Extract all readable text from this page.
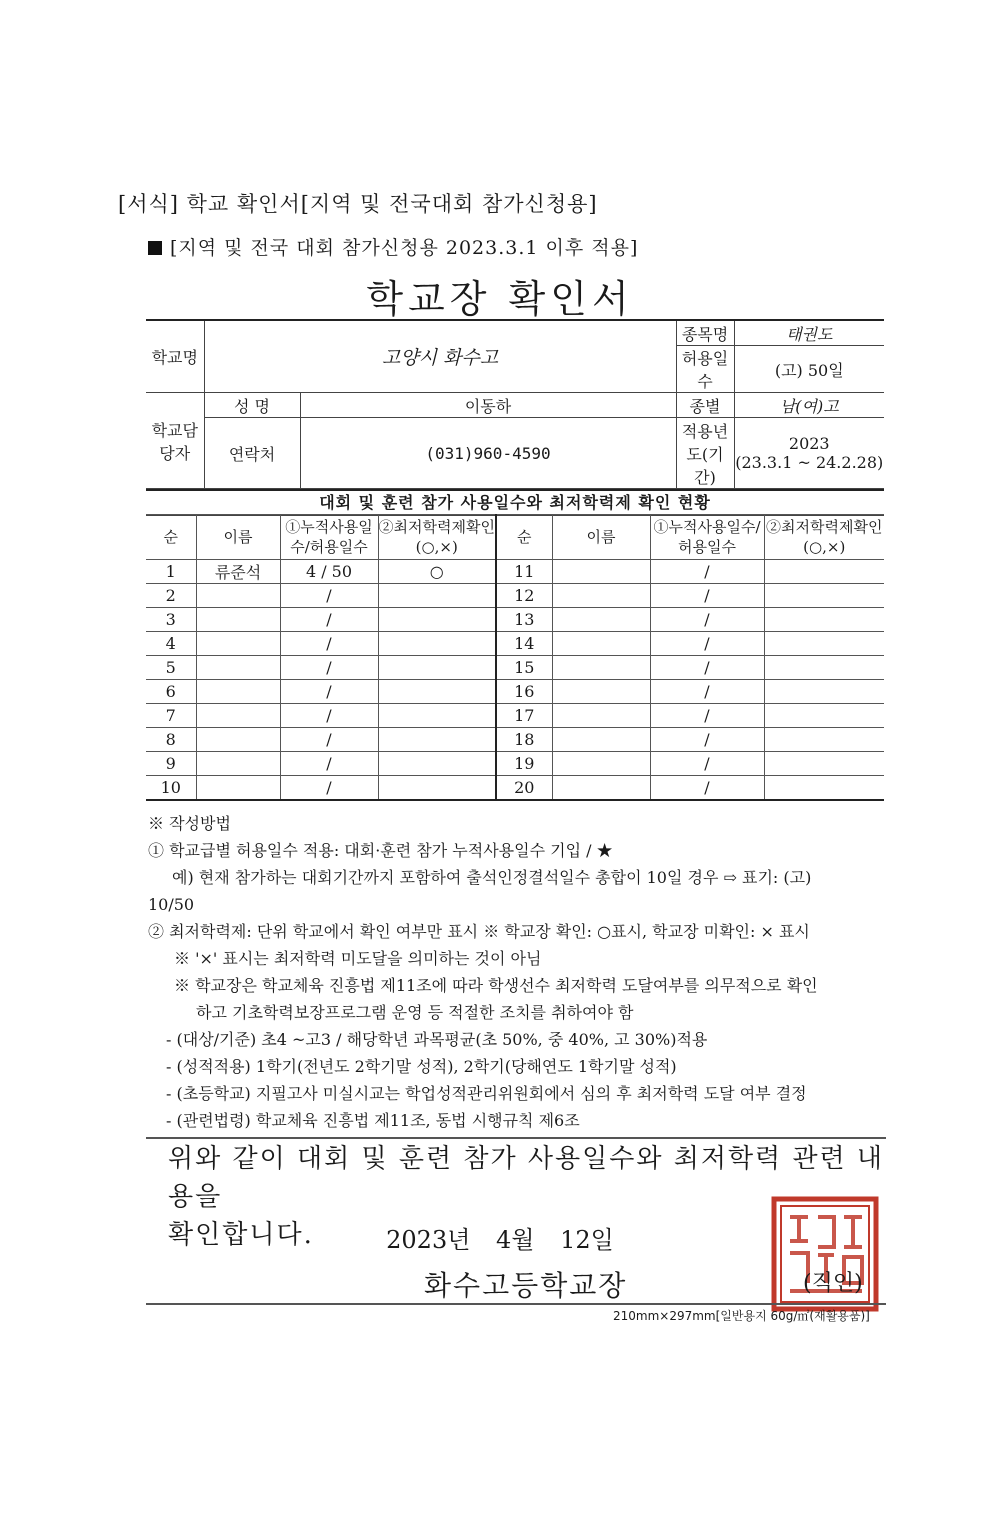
[서식] 학교 확인서[지역 및 전국대회 참가신청용]
[지역 및 전국 대회 참가신청용 2023.3.1 이후 적용]
학교장 확인서
학교명	고양시 화수고		종목명	태권도
			허용일수	(고) 50일
학교담당자	성 명	이동하	종별	남(여)고
	연락처	(031)960-4590	적용년도(기간)	2023
(23.3.1 ~ 24.2.28)
대회 및 훈련 참가 사용일수와 최저학력제 확인 현황
순	이름	①누적사용일수/허용일수	②최저학력제확인(○,×)	순	이름	①누적사용일수/허용일수	②최저학력제확인(○,×)
1	류준석	4 / 50	○	11		/	
2		/		12		/	
3		/		13		/	
4		/		14		/	
5		/		15		/	
6		/		16		/	
7		/		17		/	
8		/		18		/	
9		/		19		/	
10		/		20		/	
※ 작성방법
① 학교급별 허용일수 적용: 대회·훈련 참가 누적사용일수 기입 / ★
예) 현재 참가하는 대회기간까지 포함하여 출석인정결석일수 총합이 10일 경우 ⇨ 표기: (고)
10/50
② 최저학력제: 단위 학교에서 확인 여부만 표시 ※ 학교장 확인: ○표시, 학교장 미확인: × 표시
※ '×' 표시는 최저학력 미도달을 의미하는 것이 아님
※ 학교장은 학교체육 진흥법 제11조에 따라 학생선수 최저학력 도달여부를 의무적으로 확인
하고 기초학력보장프로그램 운영 등 적절한 조치를 취하여야 함
- (대상/기준) 초4 ~고3 / 해당학년 과목평균(초 50%, 중 40%, 고 30%)적용
- (성적적용) 1학기(전년도 2학기말 성적), 2학기(당해연도 1학기말 성적)
- (초등학교) 지필고사 미실시교는 학업성적관리위원회에서 심의 후 최저학력 도달 여부 결정
- (관련법령) 학교체육 진흥법 제11조, 동법 시행규칙 제6조
위와 같이 대회 및 훈련 참가 사용일수와 최저학력 관련 내용을
확인합니다.	2023년 4월 12일
화수고등학교장	(직인)
210mm×297mm[일반용지 60g/㎡(재활용품)]
